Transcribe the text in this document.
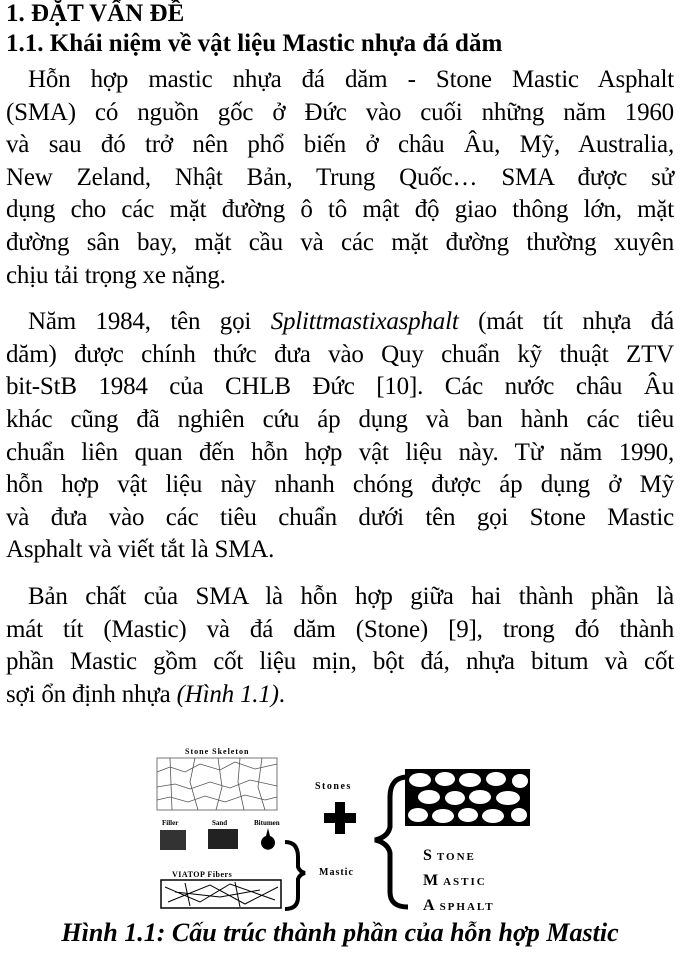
1. ĐẶT VẤN ĐỀ
1.1. Khái niệm về vật liệu Mastic nhựa đá dăm
Hỗn hợp mastic nhựa đá dăm - Stone Mastic Asphalt
(SMA) có nguồn gốc ở Đức vào cuối những năm 1960
và sau đó trở nên phổ biến ở châu Âu, Mỹ, Australia,
New Zeland, Nhật Bản, Trung Quốc… SMA được sử
dụng cho các mặt đường ô tô mật độ giao thông lớn, mặt
đường sân bay, mặt cầu và các mặt đường thường xuyên
chịu tải trọng xe nặng.
Năm 1984, tên gọi Splittmastixasphalt (mát tít nhựa đá
dăm) được chính thức đưa vào Quy chuẩn kỹ thuật ZTV
bit-StB 1984 của CHLB Đức [10]. Các nước châu Âu
khác cũng đã nghiên cứu áp dụng và ban hành các tiêu
chuẩn liên quan đến hỗn hợp vật liệu này. Từ năm 1990,
hỗn hợp vật liệu này nhanh chóng được áp dụng ở Mỹ
và đưa vào các tiêu chuẩn dưới tên gọi Stone Mastic
Asphalt và viết tắt là SMA.
Bản chất của SMA là hỗn hợp giữa hai thành phần là
mát tít (Mastic) và đá dăm (Stone) [9], trong đó thành
phần Mastic gồm cốt liệu mịn, bột đá, nhựa bitum và cốt
sợi ổn định nhựa (Hình 1.1).
Stone Skeleton
Filler	Sand	Bitumen
VIATOP Fibers	Mastic
Stones
S TONE
M ASTIC
A SPHALT
Hình 1.1: Cấu trúc thành phần của hỗn hợp Mastic
